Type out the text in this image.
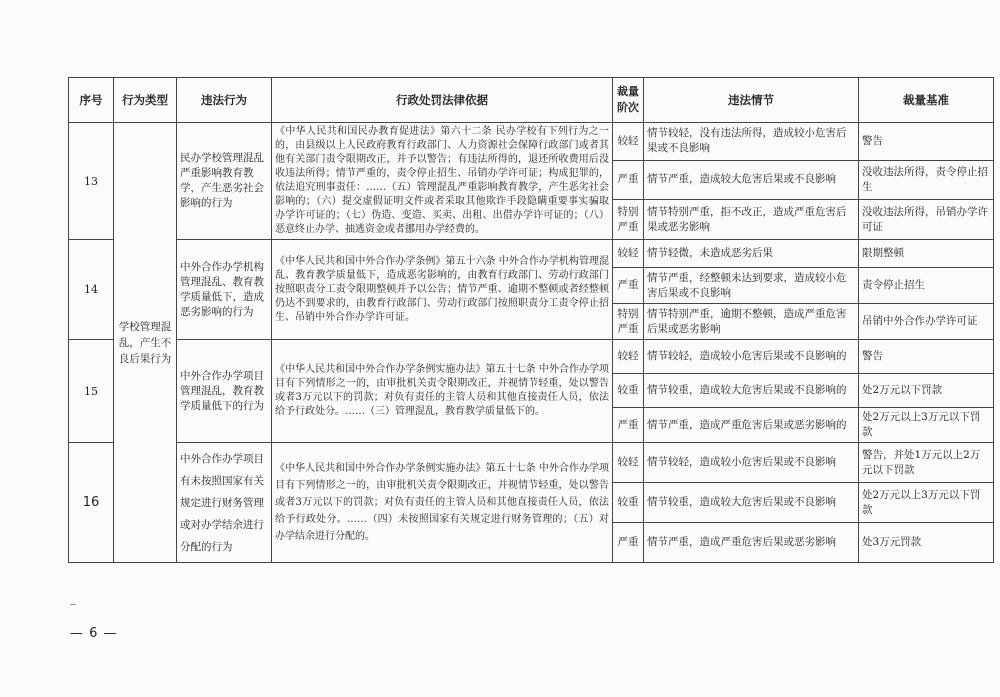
序号	行为类型	违法行为	行政处罚法律依据	裁量阶次	违法情节	裁量基准
13	学校管理混乱，产生不良后果行为	民办学校管理混乱严重影响教育教学，产生恶劣社会影响的行为	《中华人民共和国民办教育促进法》第六十二条 民办学校有下列行为之一的，由县级以上人民政府教育行政部门、人力资源社会保障行政部门或者其他有关部门责令限期改正，并予以警告；有违法所得的，退还所收费用后没收违法所得；情节严重的，责令停止招生、吊销办学许可证；构成犯罪的，依法追究刑事责任：……（五）管理混乱严重影响教育教学，产生恶劣社会影响的；（六）提交虚假证明文件或者采取其他欺诈手段隐瞒重要事实骗取办学许可证的；（七）伪造、变造、买卖、出租、出借办学许可证的；（八）恶意终止办学、抽逃资金或者挪用办学经费的。	较轻	情节较轻，没有违法所得，造成较小危害后果或不良影响	警告
				严重	情节严重，造成较大危害后果或不良影响	没收违法所得，责令停止招生
				特别严重	情节特别严重，拒不改正，造成严重危害后果或恶劣影响	没收违法所得，吊销办学许可证
14		中外合作办学机构管理混乱、教育教学质量低下，造成恶劣影响的行为	《中华人民共和国中外合作办学条例》第五十六条 中外合作办学机构管理混乱、教育教学质量低下，造成恶劣影响的，由教育行政部门、劳动行政部门按照职责分工责令限期整顿并予以公告；情节严重、逾期不整顿或者经整顿仍达不到要求的，由教育行政部门、劳动行政部门按照职责分工责令停止招生、吊销中外合作办学许可证。	较轻	情节轻微，未造成恶劣后果	限期整顿
				严重	情节严重，经整顿未达到要求，造成较小危害后果或不良影响	责令停止招生
				特别严重	情节特别严重，逾期不整顿，造成严重危害后果或恶劣影响	吊销中外合作办学许可证
15		中外合作办学项目管理混乱，教育教学质量低下的行为	《中华人民共和国中外合作办学条例实施办法》第五十七条 中外合作办学项目有下列情形之一的，由审批机关责令限期改正，并视情节轻重，处以警告或者3万元以下的罚款；对负有责任的主管人员和其他直接责任人员，依法给予行政处分。……（三）管理混乱，教育教学质量低下的。	较轻	情节较轻，造成较小危害后果或不良影响的	警告
				较重	情节较重，造成较大危害后果或不良影响的	处2万元以下罚款
				严重	情节严重，造成严重危害后果或恶劣影响的	处2万元以上3万元以下罚款
16		中外合作办学项目有未按照国家有关规定进行财务管理或对办学结余进行分配的行为	《中华人民共和国中外合作办学条例实施办法》第五十七条 中外合作办学项目有下列情形之一的，由审批机关责令限期改正，并视情节轻重，处以警告或者3万元以下的罚款；对负有责任的主管人员和其他直接责任人员，依法给予行政处分。……（四）未按照国家有关规定进行财务管理的；（五）对办学结余进行分配的。	较轻	情节较轻，造成较小危害后果或不良影响	警告，并处1万元以上2万元以下罚款
				较重	情节较重，造成较大危害后果或不良影响	处2万元以上3万元以下罚款
				严重	情节严重，造成严重危害后果或恶劣影响	处3万元罚款
— 6 —
